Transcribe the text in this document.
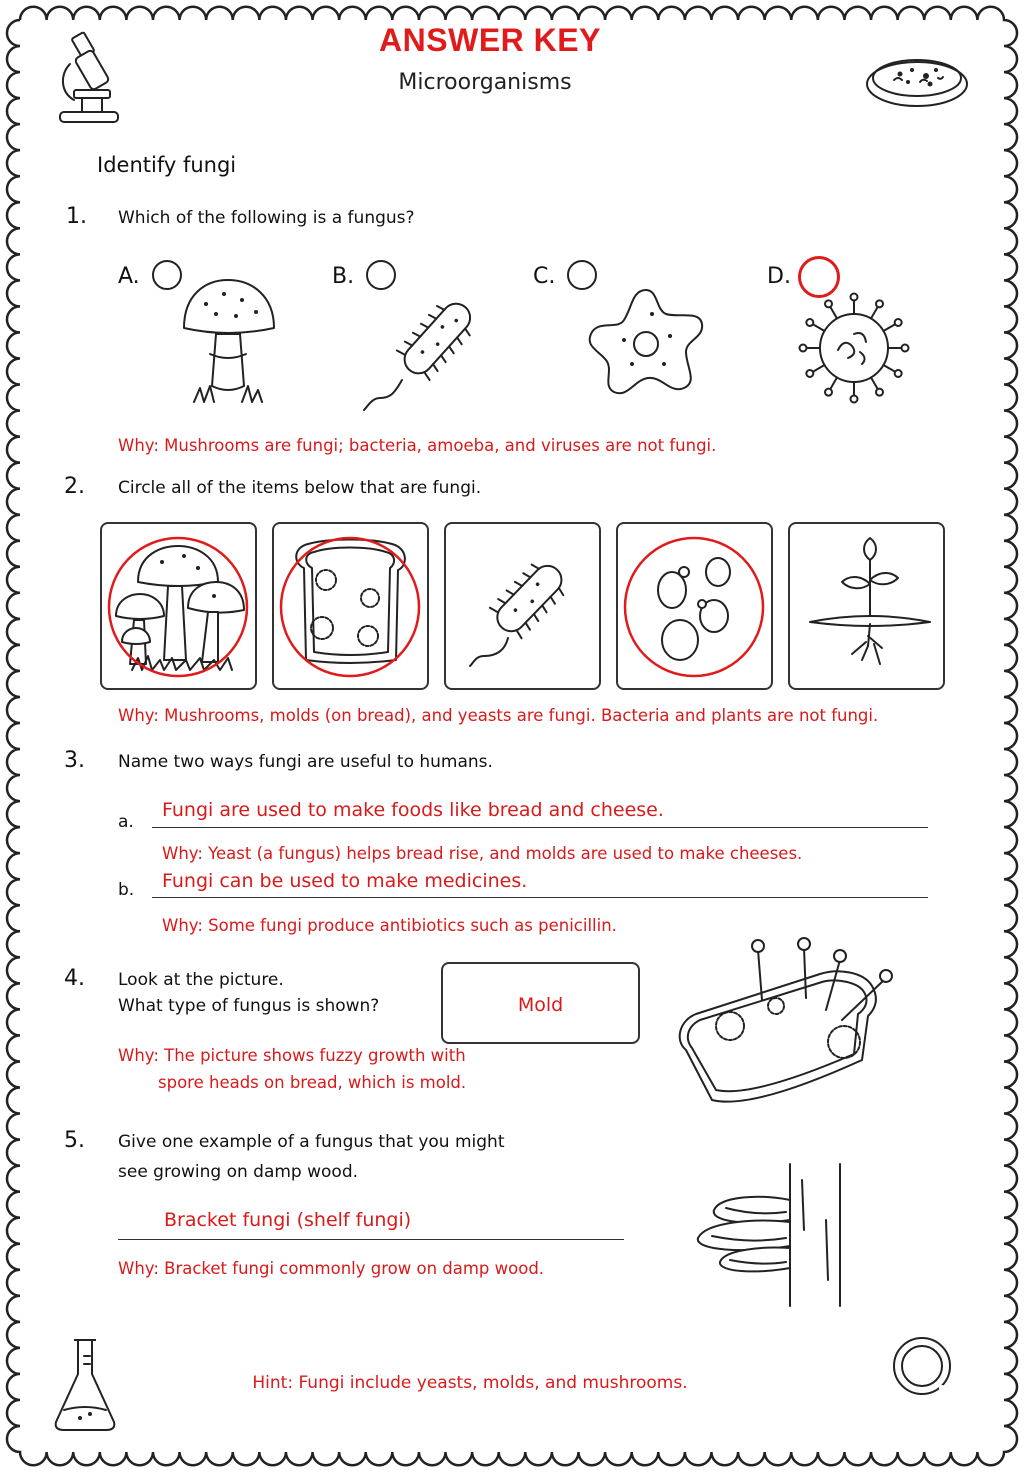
ANSWER KEY
Microorganisms
Identify fungi
1. Which of the following is a fungus?
A.	B.	C.	D.
Why: Mushrooms are fungi; bacteria, amoeba, and viruses are not fungi.
2. Circle all of the items below that are fungi.
Why: Mushrooms, molds (on bread), and yeasts are fungi. Bacteria and plants are not fungi.
3. Name two ways fungi are useful to humans.
a.
Fungi are used to make foods like bread and cheese.
Why: Yeast (a fungus) helps bread rise, and molds are used to make cheeses.
b. Fungi can be used to make medicines.
Why: Some fungi produce antibiotics such as penicillin.
4. Look at the picture.
What type of fungus is shown?	Mold
Why: The picture shows fuzzy growth with
spore heads on bread, which is mold.
5. Give one example of a fungus that you might
see growing on damp wood.
Bracket fungi (shelf fungi)
Why: Bracket fungi commonly grow on damp wood.
Hint: Fungi include yeasts, molds, and mushrooms.
